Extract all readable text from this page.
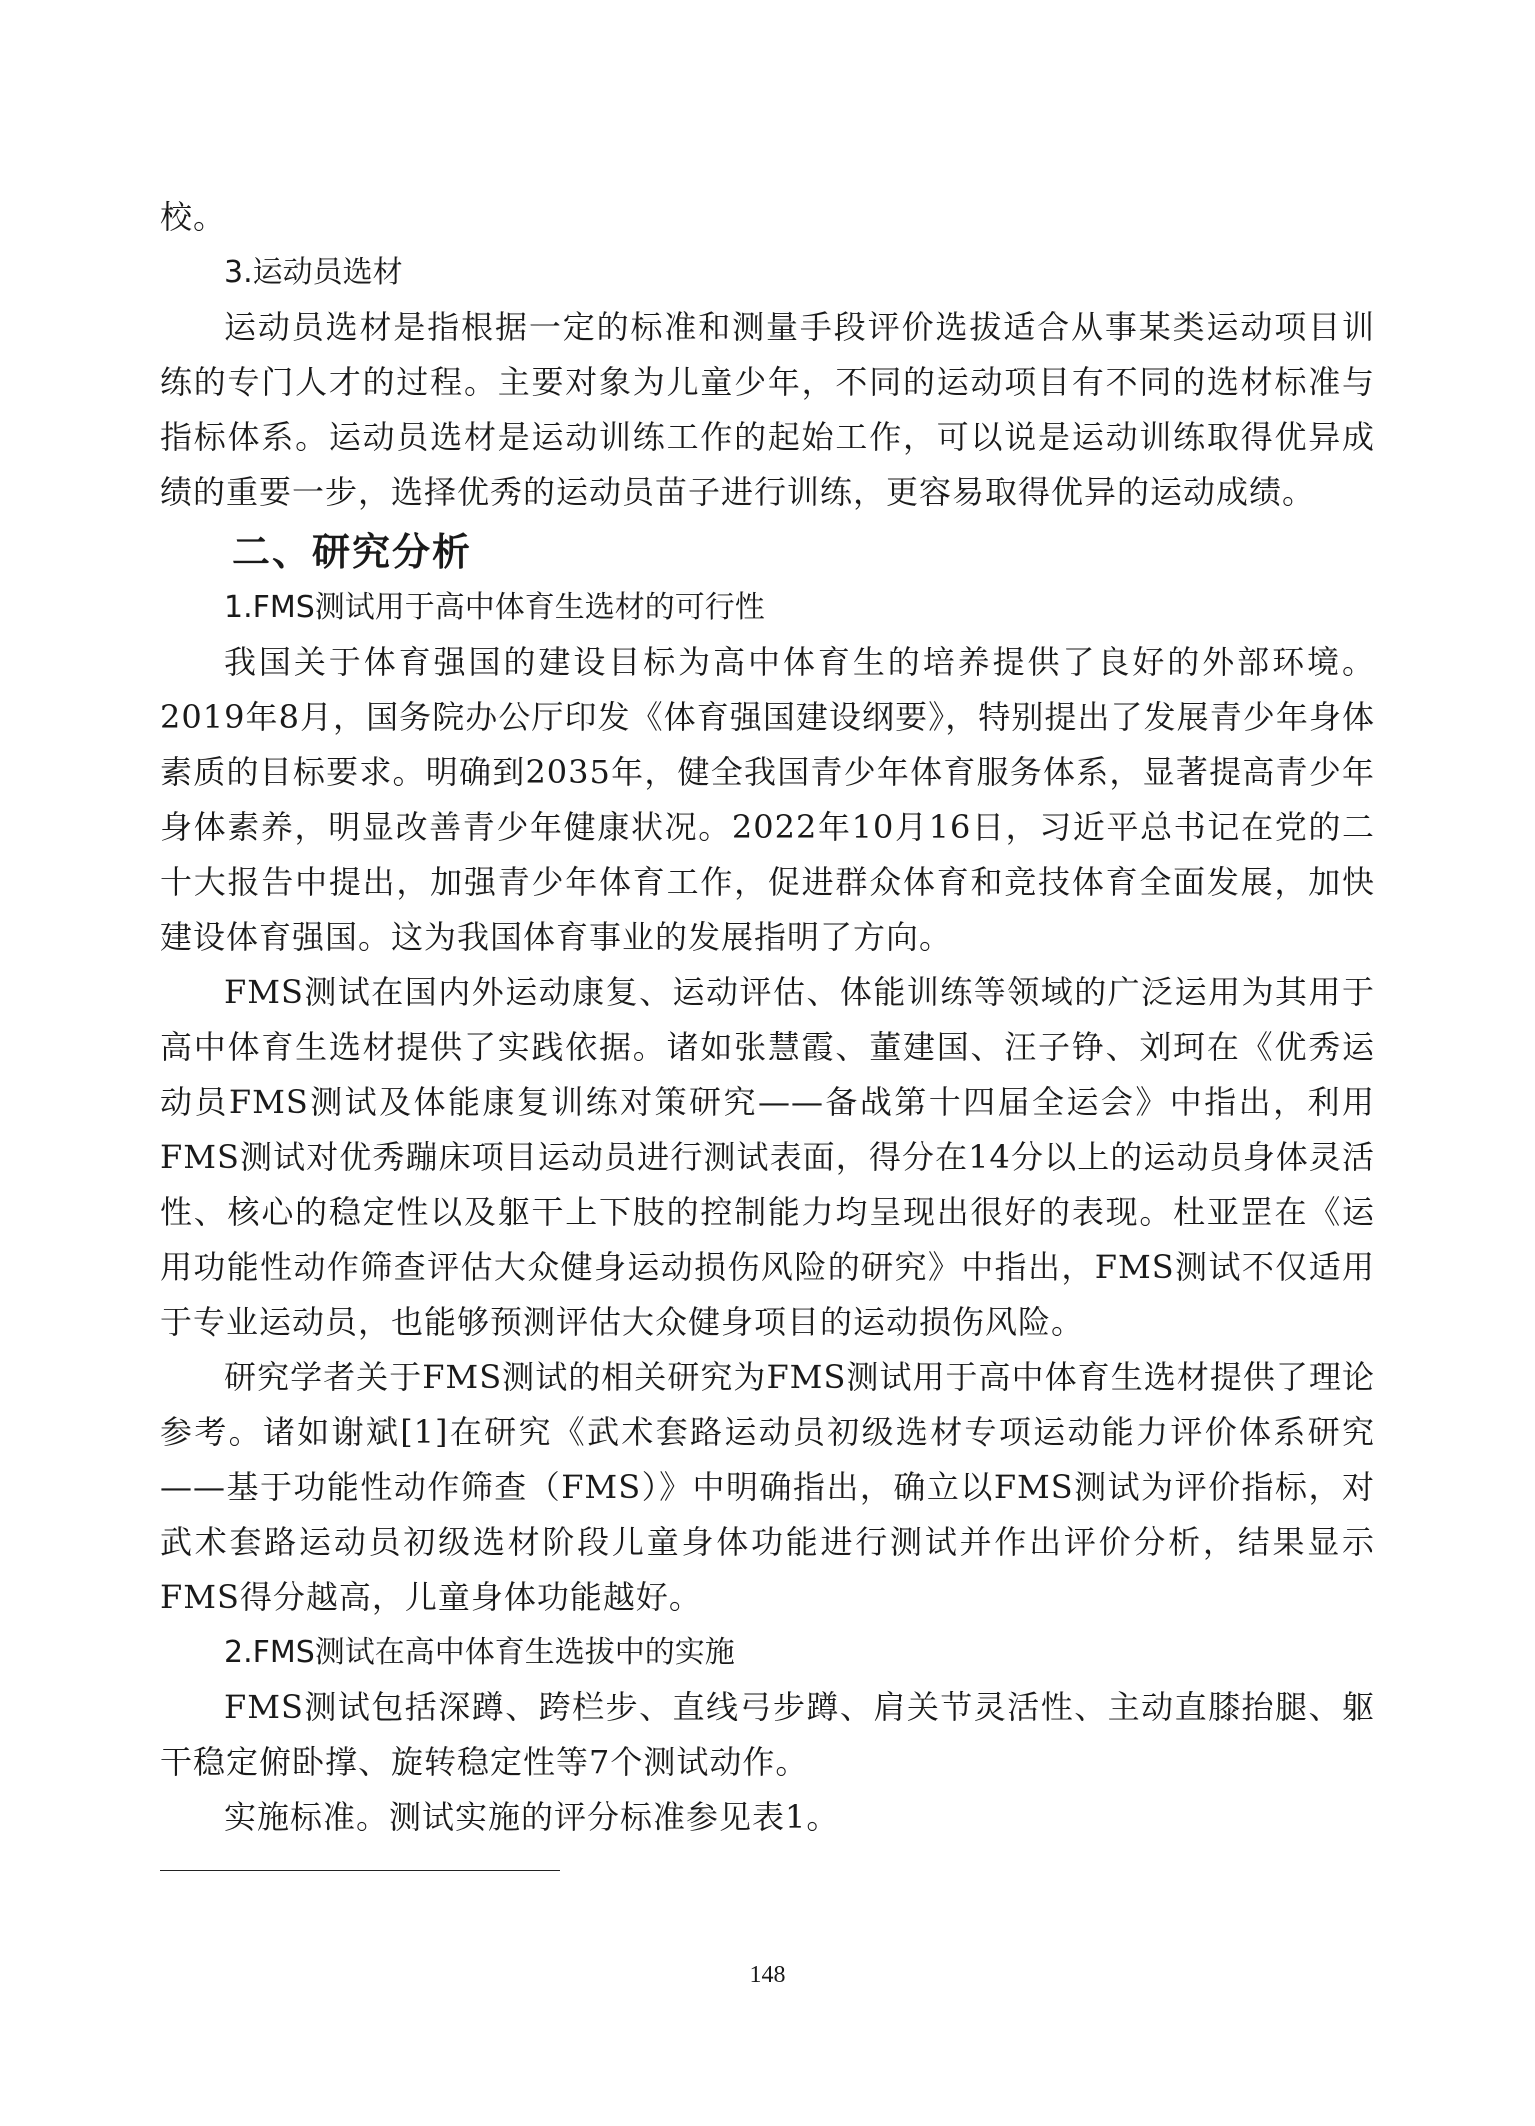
校。

3.运动员选材

运动员选材是指根据一定的标准和测量手段评价选拔适合从事某类运动项目训练的专门人才的过程。主要对象为儿童少年，不同的运动项目有不同的选材标准与指标体系。运动员选材是运动训练工作的起始工作，可以说是运动训练取得优异成绩的重要一步，选择优秀的运动员苗子进行训练，更容易取得优异的运动成绩。

二、研究分析
1.FMS测试用于高中体育生选材的可行性

我国关于体育强国的建设目标为高中体育生的培养提供了良好的外部环境。2019年8月，国务院办公厅印发《体育强国建设纲要》，特别提出了发展青少年身体素质的目标要求。明确到2035年，健全我国青少年体育服务体系，显著提高青少年身体素养，明显改善青少年健康状况。2022年10月16日，习近平总书记在党的二十大报告中提出，加强青少年体育工作，促进群众体育和竞技体育全面发展，加快建设体育强国。这为我国体育事业的发展指明了方向。

FMS测试在国内外运动康复、运动评估、体能训练等领域的广泛运用为其用于高中体育生选材提供了实践依据。诸如张慧霞、董建国、汪子铮、刘珂在《优秀运动员FMS测试及体能康复训练对策研究——备战第十四届全运会》中指出，利用FMS测试对优秀蹦床项目运动员进行测试表面，得分在14分以上的运动员身体灵活性、核心的稳定性以及躯干上下肢的控制能力均呈现出很好的表现。杜亚罡在《运用功能性动作筛查评估大众健身运动损伤风险的研究》中指出，FMS测试不仅适用于专业运动员，也能够预测评估大众健身项目的运动损伤风险。

研究学者关于FMS测试的相关研究为FMS测试用于高中体育生选材提供了理论参考。诸如谢斌[1]在研究《武术套路运动员初级选材专项运动能力评价体系研究——基于功能性动作筛查（FMS）》中明确指出，确立以FMS测试为评价指标，对武术套路运动员初级选材阶段儿童身体功能进行测试并作出评价分析，结果显示FMS得分越高，儿童身体功能越好。

2.FMS测试在高中体育生选拔中的实施

FMS测试包括深蹲、跨栏步、直线弓步蹲、肩关节灵活性、主动直膝抬腿、躯干稳定俯卧撑、旋转稳定性等7个测试动作。

实施标准。测试实施的评分标准参见表1。

148
